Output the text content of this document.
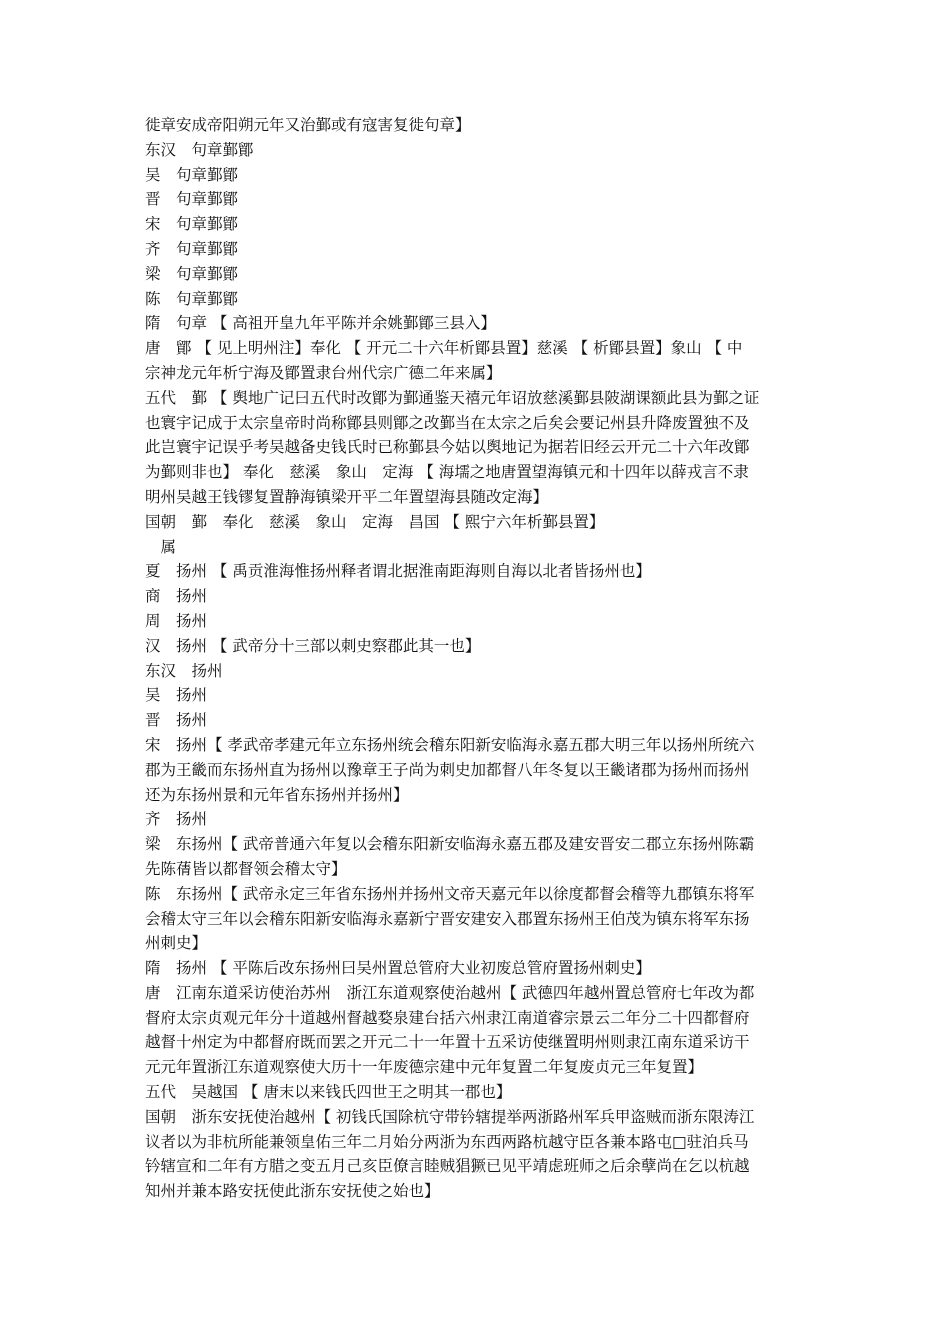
徙章安成帝阳朔元年又治鄞或有寇害复徙句章】

东汉　句章鄞鄮

吴　句章鄞鄮

晋　句章鄞鄮

宋　句章鄞鄮

齐　句章鄞鄮

梁　句章鄞鄮

陈　句章鄞鄮

隋　句章 【 高祖开皇九年平陈并余姚鄞鄮三县入】

唐　鄮 【 见上明州注】奉化 【 开元二十六年析鄮县置】慈溪 【 析鄮县置】象山 【 中

宗神龙元年析宁海及鄮置隶台州代宗广德二年来属】

五代　鄞 【 舆地广记曰五代时改鄮为鄞通鉴天禧元年诏放慈溪鄞县陂湖课额此县为鄞之证

也寰宇记成于太宗皇帝时尚称鄮县则鄮之改鄞当在太宗之后矣会要记州县升降废置独不及

此岂寰宇记误乎考吴越备史钱氏时已称鄞县今姑以舆地记为据若旧经云开元二十六年改鄮

为鄞则非也】 奉化　慈溪　象山　定海 【 海壖之地唐置望海镇元和十四年以薛戎言不隶

明州吴越王钱镠复置静海镇梁开平二年置望海县随改定海】

国朝　鄞　奉化　慈溪　象山　定海　昌国 【 熙宁六年析鄞县置】

　属

夏　扬州 【 禹贡淮海惟扬州释者谓北据淮南距海则自海以北者皆扬州也】

商　扬州

周　扬州

汉　扬州 【 武帝分十三部以刺史察郡此其一也】

东汉　扬州

吴　扬州

晋　扬州

宋　扬州【 孝武帝孝建元年立东扬州统会稽东阳新安临海永嘉五郡大明三年以扬州所统六

郡为王畿而东扬州直为扬州以豫章王子尚为刺史加都督八年冬复以王畿诸郡为扬州而扬州

还为东扬州景和元年省东扬州并扬州】

齐　扬州

梁　东扬州【 武帝普通六年复以会稽东阳新安临海永嘉五郡及建安晋安二郡立东扬州陈霸

先陈蒨皆以都督领会稽太守】

陈　东扬州【 武帝永定三年省东扬州并扬州文帝天嘉元年以徐度都督会稽等九郡镇东将军

会稽太守三年以会稽东阳新安临海永嘉新宁晋安建安入郡置东扬州王伯茂为镇东将军东扬

州刺史】

隋　扬州 【 平陈后改东扬州曰吴州置总管府大业初废总管府置扬州刺史】

唐　江南东道采访使治苏州　浙江东道观察使治越州【 武德四年越州置总管府七年改为都

督府太宗贞观元年分十道越州督越婺泉建台括六州隶江南道睿宗景云二年分二十四都督府

越督十州定为中都督府既而罢之开元二十一年置十五采访使继置明州则隶江南东道采访干

元元年置浙江东道观察使大历十一年废德宗建中元年复置二年复废贞元三年复置】

五代　吴越国 【 唐末以来钱氏四世王之明其一郡也】

国朝　浙东安抚使治越州【 初钱氏国除杭守带钤辖提举两浙路州军兵甲盗贼而浙东限涛江

议者以为非杭所能兼领皇佑三年二月始分两浙为东西两路杭越守臣各兼本路屯□驻泊兵马

钤辖宣和二年有方腊之变五月己亥臣僚言睦贼猖獗已见平靖虑班师之后余孽尚在乞以杭越

知州并兼本路安抚使此浙东安抚使之始也】
